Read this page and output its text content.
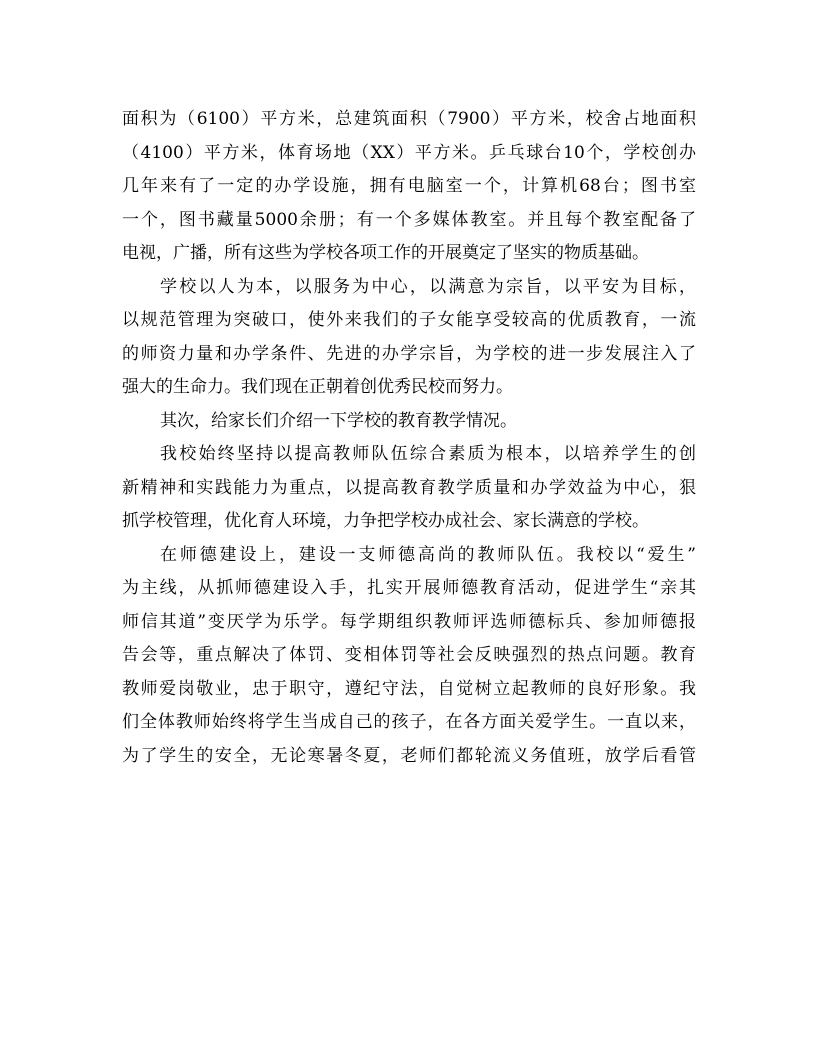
面积为（6100）平方米，总建筑面积（7900）平方米，校舍占地面积
（4100）平方米，体育场地（XX）平方米。乒乓球台10个，学校创办
几年来有了一定的办学设施，拥有电脑室一个，计算机68台；图书室
一个，图书藏量5000余册；有一个多媒体教室。并且每个教室配备了
电视，广播，所有这些为学校各项工作的开展奠定了坚实的物质基础。
学校以人为本，以服务为中心，以满意为宗旨，以平安为目标，
以规范管理为突破口，使外来我们的子女能享受较高的优质教育，一流
的师资力量和办学条件、先进的办学宗旨，为学校的进一步发展注入了
强大的生命力。我们现在正朝着创优秀民校而努力。
其次，给家长们介绍一下学校的教育教学情况。
我校始终坚持以提高教师队伍综合素质为根本，以培养学生的创
新精神和实践能力为重点，以提高教育教学质量和办学效益为中心，狠
抓学校管理，优化育人环境，力争把学校办成社会、家长满意的学校。
在师德建设上，建设一支师德高尚的教师队伍。我校以“爱生”
为主线，从抓师德建设入手，扎实开展师德教育活动，促进学生“亲其
师信其道”变厌学为乐学。每学期组织教师评选师德标兵、参加师德报
告会等，重点解决了体罚、变相体罚等社会反映强烈的热点问题。教育
教师爱岗敬业，忠于职守，遵纪守法，自觉树立起教师的良好形象。我
们全体教师始终将学生当成自己的孩子，在各方面关爱学生。一直以来，
为了学生的安全，无论寒暑冬夏，老师们都轮流义务值班，放学后看管
